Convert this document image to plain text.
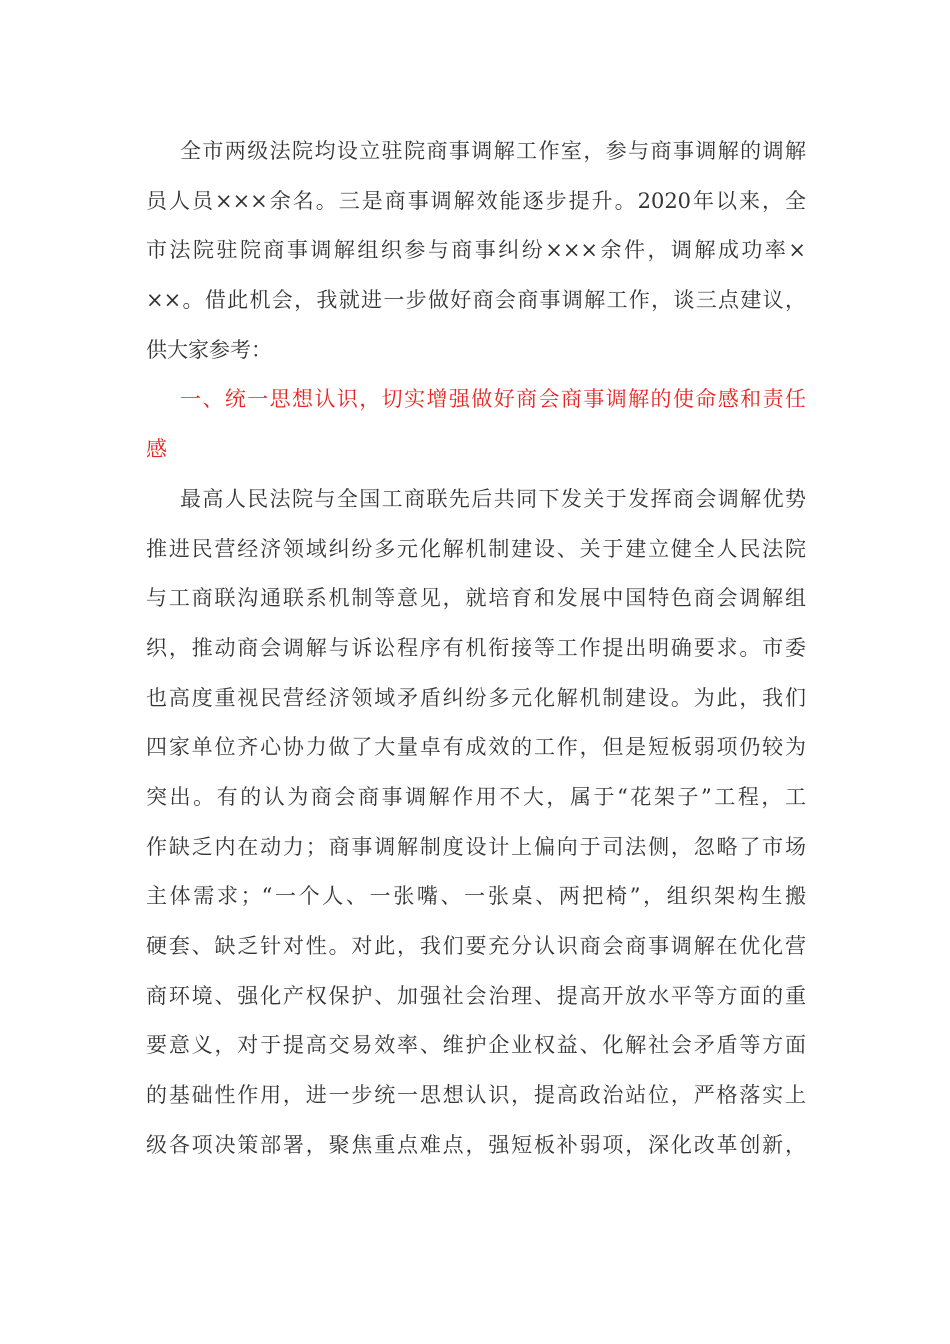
全市两级法院均设立驻院商事调解工作室，参与商事调解的调解
员人员×××余名。三是商事调解效能逐步提升。2020年以来，全
市法院驻院商事调解组织参与商事纠纷×××余件，调解成功率×
××。借此机会，我就进一步做好商会商事调解工作，谈三点建议，
供大家参考：
一、统一思想认识，切实增强做好商会商事调解的使命感和责任
感
最高人民法院与全国工商联先后共同下发关于发挥商会调解优势
推进民营经济领域纠纷多元化解机制建设、关于建立健全人民法院
与工商联沟通联系机制等意见，就培育和发展中国特色商会调解组
织，推动商会调解与诉讼程序有机衔接等工作提出明确要求。市委
也高度重视民营经济领域矛盾纠纷多元化解机制建设。为此，我们
四家单位齐心协力做了大量卓有成效的工作，但是短板弱项仍较为
突出。有的认为商会商事调解作用不大，属于“花架子”工程，工
作缺乏内在动力；商事调解制度设计上偏向于司法侧，忽略了市场
主体需求；“一个人、一张嘴、一张桌、两把椅”，组织架构生搬
硬套、缺乏针对性。对此，我们要充分认识商会商事调解在优化营
商环境、强化产权保护、加强社会治理、提高开放水平等方面的重
要意义，对于提高交易效率、维护企业权益、化解社会矛盾等方面
的基础性作用，进一步统一思想认识，提高政治站位，严格落实上
级各项决策部署，聚焦重点难点，强短板补弱项，深化改革创新，
